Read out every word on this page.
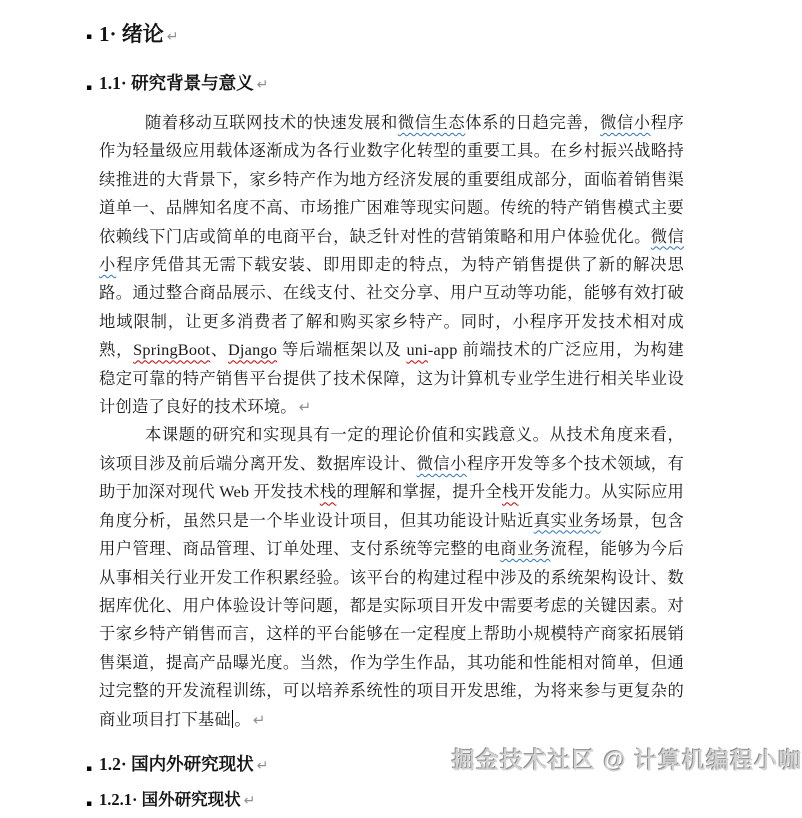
▪ 1· 绪论 ↵
▪ 1.1· 研究背景与意义 ↵

随着移动互联网技术的快速发展和微信生态体系的日趋完善，微信小程序作为轻量级应用载体逐渐成为各行业数字化转型的重要工具。在乡村振兴战略持续推进的大背景下，家乡特产作为地方经济发展的重要组成部分，面临着销售渠道单一、品牌知名度不高、市场推广困难等现实问题。传统的特产销售模式主要依赖线下门店或简单的电商平台，缺乏针对性的营销策略和用户体验优化。微信小程序凭借其无需下载安装、即用即走的特点，为特产销售提供了新的解决思路。通过整合商品展示、在线支付、社交分享、用户互动等功能，能够有效打破地域限制，让更多消费者了解和购买家乡特产。同时，小程序开发技术相对成熟，SpringBoot、Django 等后端框架以及 uni-app 前端技术的广泛应用，为构建稳定可靠的特产销售平台提供了技术保障，这为计算机专业学生进行相关毕业设计创造了良好的技术环境。 ↵

本课题的研究和实现具有一定的理论价值和实践意义。从技术角度来看，该项目涉及前后端分离开发、数据库设计、微信小程序开发等多个技术领域，有助于加深对现代 Web 开发技术栈的理解和掌握，提升全栈开发能力。从实际应用角度分析，虽然只是一个毕业设计项目，但其功能设计贴近真实业务场景，包含用户管理、商品管理、订单处理、支付系统等完整的电商业务流程，能够为今后从事相关行业开发工作积累经验。该平台的构建过程中涉及的系统架构设计、数据库优化、用户体验设计等问题，都是实际项目开发中需要考虑的关键因素。对于家乡特产销售而言，这样的平台能够在一定程度上帮助小规模特产商家拓展销售渠道，提高产品曝光度。当然，作为学生作品，其功能和性能相对简单，但通过完整的开发流程训练，可以培养系统性的项目开发思维，为将来参与更复杂的商业项目打下基础 。 ↵

▪ 1.2· 国内外研究现状 ↵
▪ 1.2.1· 国外研究现状 ↵
掘金技术社区 @ 计算机编程小咖
